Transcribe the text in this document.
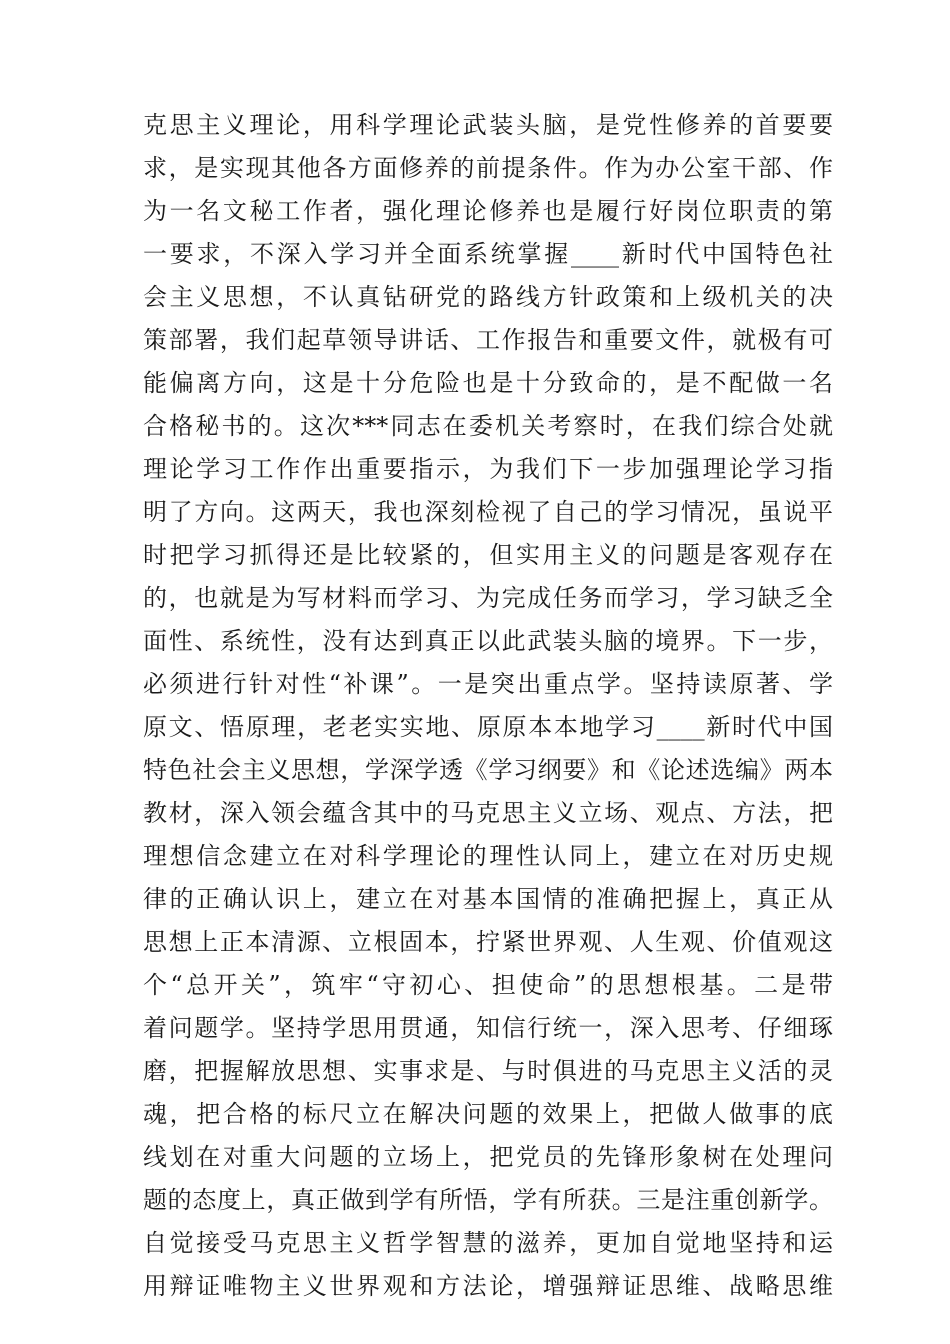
克思主义理论，用科学理论武装头脑，是党性修养的首要要
求，是实现其他各方面修养的前提条件。作为办公室干部、作
为一名文秘工作者，强化理论修养也是履行好岗位职责的第
一要求，不深入学习并全面系统掌握____新时代中国特色社
会主义思想，不认真钻研党的路线方针政策和上级机关的决
策部署，我们起草领导讲话、工作报告和重要文件，就极有可
能偏离方向，这是十分危险也是十分致命的，是不配做一名
合格秘书的。这次***同志在委机关考察时，在我们综合处就
理论学习工作作出重要指示，为我们下一步加强理论学习指
明了方向。这两天，我也深刻检视了自己的学习情况，虽说平
时把学习抓得还是比较紧的，但实用主义的问题是客观存在
的，也就是为写材料而学习、为完成任务而学习，学习缺乏全
面性、系统性，没有达到真正以此武装头脑的境界。下一步，
必须进行针对性“补课”。一是突出重点学。坚持读原著、学
原文、悟原理，老老实实地、原原本本地学习____新时代中国
特色社会主义思想，学深学透《学习纲要》和《论述选编》两本
教材，深入领会蕴含其中的马克思主义立场、观点、方法，把
理想信念建立在对科学理论的理性认同上，建立在对历史规
律的正确认识上，建立在对基本国情的准确把握上，真正从
思想上正本清源、立根固本，拧紧世界观、人生观、价值观这
个“总开关”，筑牢“守初心、担使命”的思想根基。二是带
着问题学。坚持学思用贯通，知信行统一，深入思考、仔细琢
磨，把握解放思想、实事求是、与时俱进的马克思主义活的灵
魂，把合格的标尺立在解决问题的效果上，把做人做事的底
线划在对重大问题的立场上，把党员的先锋形象树在处理问
题的态度上，真正做到学有所悟，学有所获。三是注重创新学。
自觉接受马克思主义哲学智慧的滋养，更加自觉地坚持和运
用辩证唯物主义世界观和方法论，增强辩证思维、战略思维
